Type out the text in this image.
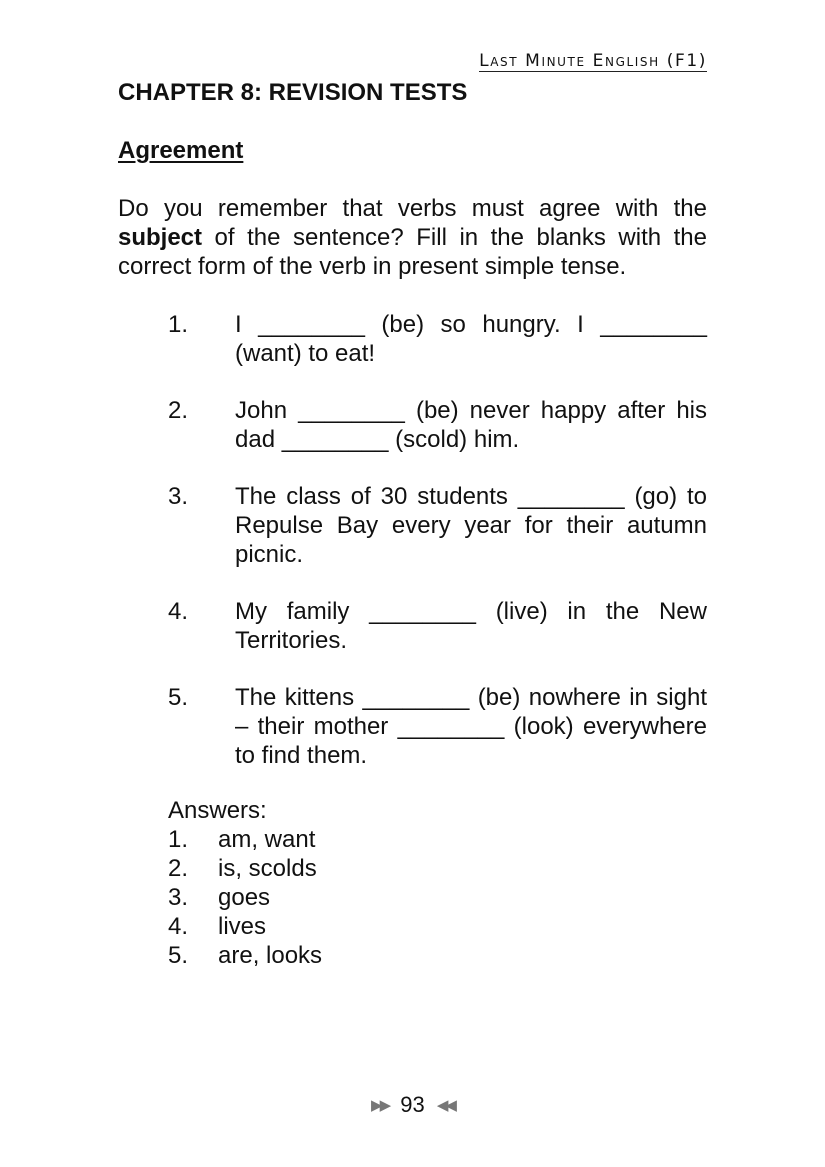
Last Minute English (F1)
CHAPTER 8: REVISION TESTS
Agreement
Do you remember that verbs must agree with the subject of the sentence? Fill in the blanks with the correct form of the verb in present simple tense.
1. I ________ (be) so hungry. I ________ (want) to eat!
2. John ________ (be) never happy after his dad ________ (scold) him.
3. The class of 30 students ________ (go) to Repulse Bay every year for their autumn picnic.
4. My family ________ (live) in the New Territories.
5. The kittens ________ (be) nowhere in sight – their mother ________ (look) everywhere to find them.
Answers:
1. am, want
2. is, scolds
3. goes
4. lives
5. are, looks
▶▶ 93 ◀◀
